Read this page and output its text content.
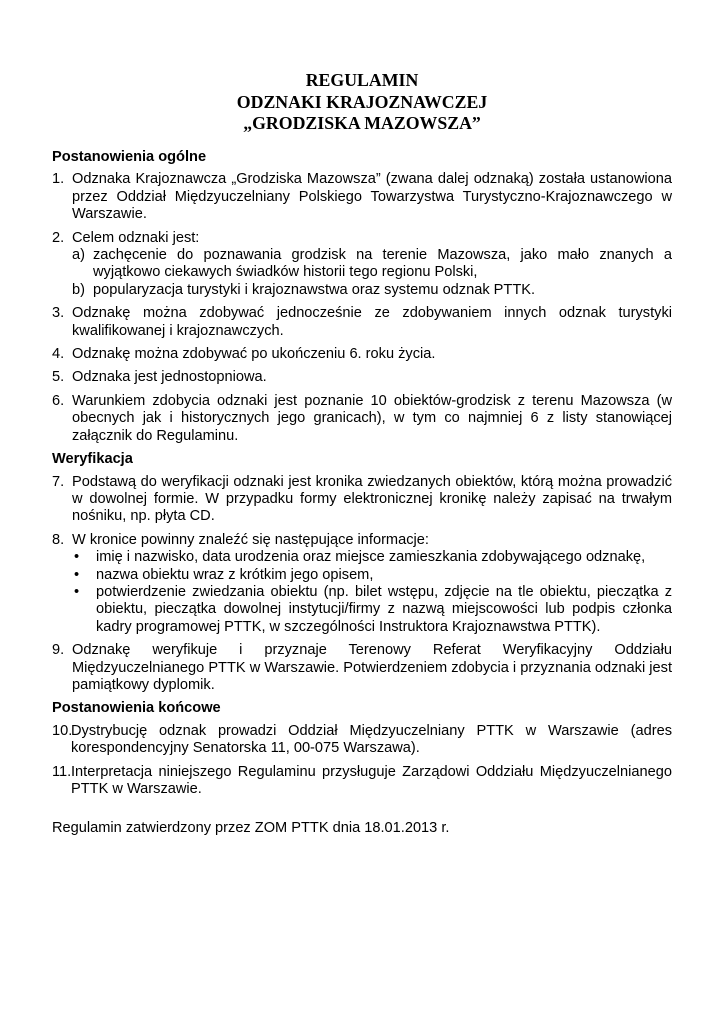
REGULAMIN
ODZNAKI KRAJOZNAWCZEJ
„GRODZISKA MAZOWSZA”
Postanowienia ogólne
1. Odznaka Krajoznawcza „Grodziska Mazowsza” (zwana dalej odznaką) została ustanowiona przez Oddział Międzyuczelniany Polskiego Towarzystwa Turystyczno-Krajoznawczego w Warszawie.
2. Celem odznaki jest:
a) zachęcenie do poznawania grodzisk na terenie Mazowsza, jako mało znanych a wyjątkowo ciekawych świadków historii tego regionu Polski,
b) popularyzacja turystyki i krajoznawstwa oraz systemu odznak PTTK.
3. Odznakę można zdobywać jednocześnie ze zdobywaniem innych odznak turystyki kwalifikowanej i krajoznawczych.
4. Odznakę można zdobywać po ukończeniu 6. roku życia.
5. Odznaka jest jednostopniowa.
6. Warunkiem zdobycia odznaki jest poznanie 10 obiektów-grodzisk z terenu Mazowsza (w obecnych jak i historycznych jego granicach), w tym co najmniej 6 z listy stanowiącej załącznik do Regulaminu.
Weryfikacja
7. Podstawą do weryfikacji odznaki jest kronika zwiedzanych obiektów, którą można prowadzić w dowolnej formie. W przypadku formy elektronicznej kronikę należy zapisać na trwałym nośniku, np. płyta CD.
8. W kronice powinny znaleźć się następujące informacje:
•	imię i nazwisko, data urodzenia oraz miejsce zamieszkania zdobywającego odznakę,
•	nazwa obiektu wraz z krótkim jego opisem,
•	potwierdzenie zwiedzania obiektu (np. bilet wstępu, zdjęcie na tle obiektu, pieczątka z obiektu, pieczątka dowolnej instytucji/firmy z nazwą miejscowości lub podpis członka kadry programowej PTTK, w szczególności Instruktora Krajoznawstwa PTTK).
9. Odznakę weryfikuje i przyznaje Terenowy Referat Weryfikacyjny Oddziału Międzyuczelnianego PTTK w Warszawie. Potwierdzeniem zdobycia i przyznania odznaki jest pamiątkowy dyplomik.
Postanowienia końcowe
10.
Dystrybucję odznak prowadzi Oddział Międzyuczelniany PTTK w Warszawie (adres korespondencyjny Senatorska 11, 00-075 Warszawa).
11. Interpretacja niniejszego Regulaminu przysługuje Zarządowi Oddziału Międzyuczelnianego PTTK w Warszawie.
Regulamin zatwierdzony przez ZOM PTTK dnia 18.01.2013 r.
